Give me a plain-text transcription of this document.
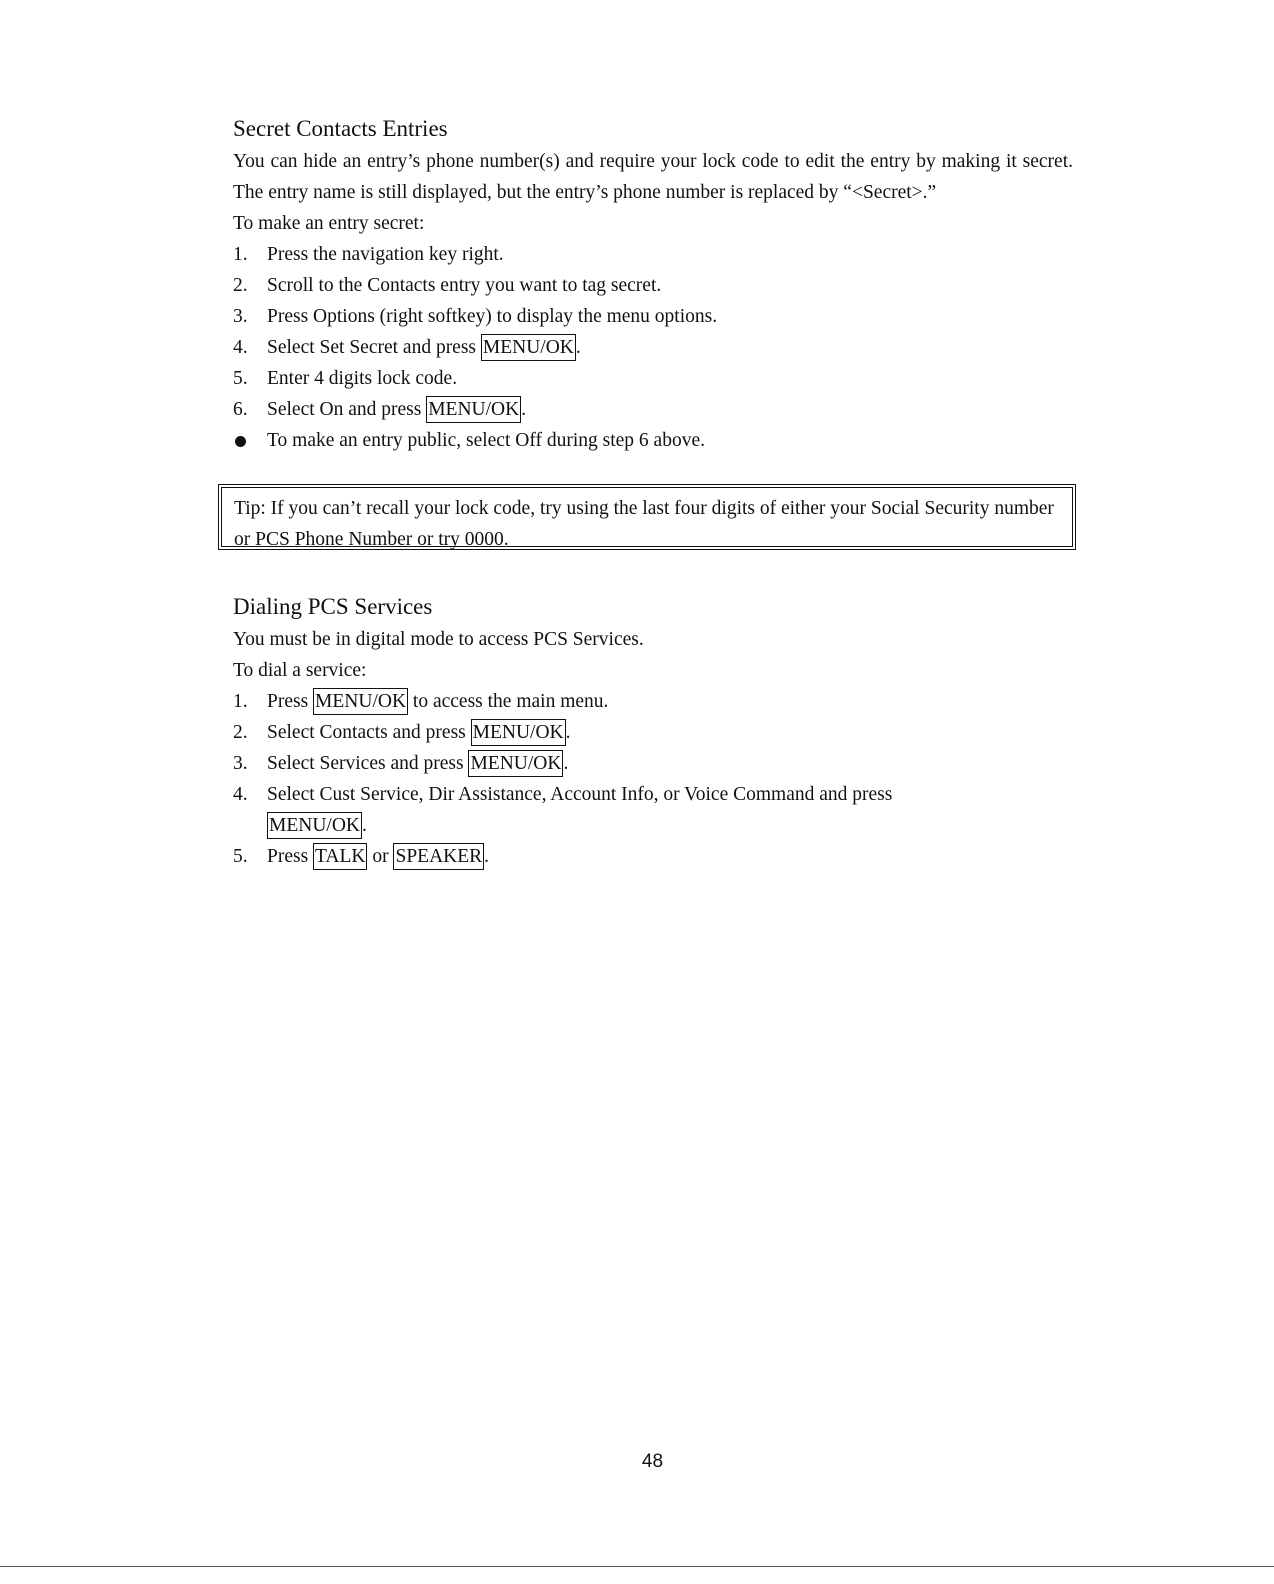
Secret Contacts Entries

You can hide an entry’s phone number(s) and require your lock code to edit the entry by making it secret. The entry name is still displayed, but the entry’s phone number is replaced by “<Secret>.”

To make an entry secret:

1. Press the navigation key right.
2. Scroll to the Contacts entry you want to tag secret.
3. Press Options (right softkey) to display the menu options.
4. Select Set Secret and press MENU/OK .
5. Enter 4 digits lock code.
6. Select On and press MENU/OK .
To make an entry public, select Off during step 6 above.
Tip: If you can’t recall your lock code, try using the last four digits of either your Social Security number or PCS Phone Number or try 0000.
Dialing PCS Services

You must be in digital mode to access PCS Services.

To dial a service:

1. Press MENU/OK to access the main menu.
2. Select Contacts and press MENU/OK .
3. Select Services and press MENU/OK .
4. Select Cust Service, Dir Assistance, Account Info, or Voice Command and press
MENU/OK .
5. Press TALK or SPEAKER .
48
